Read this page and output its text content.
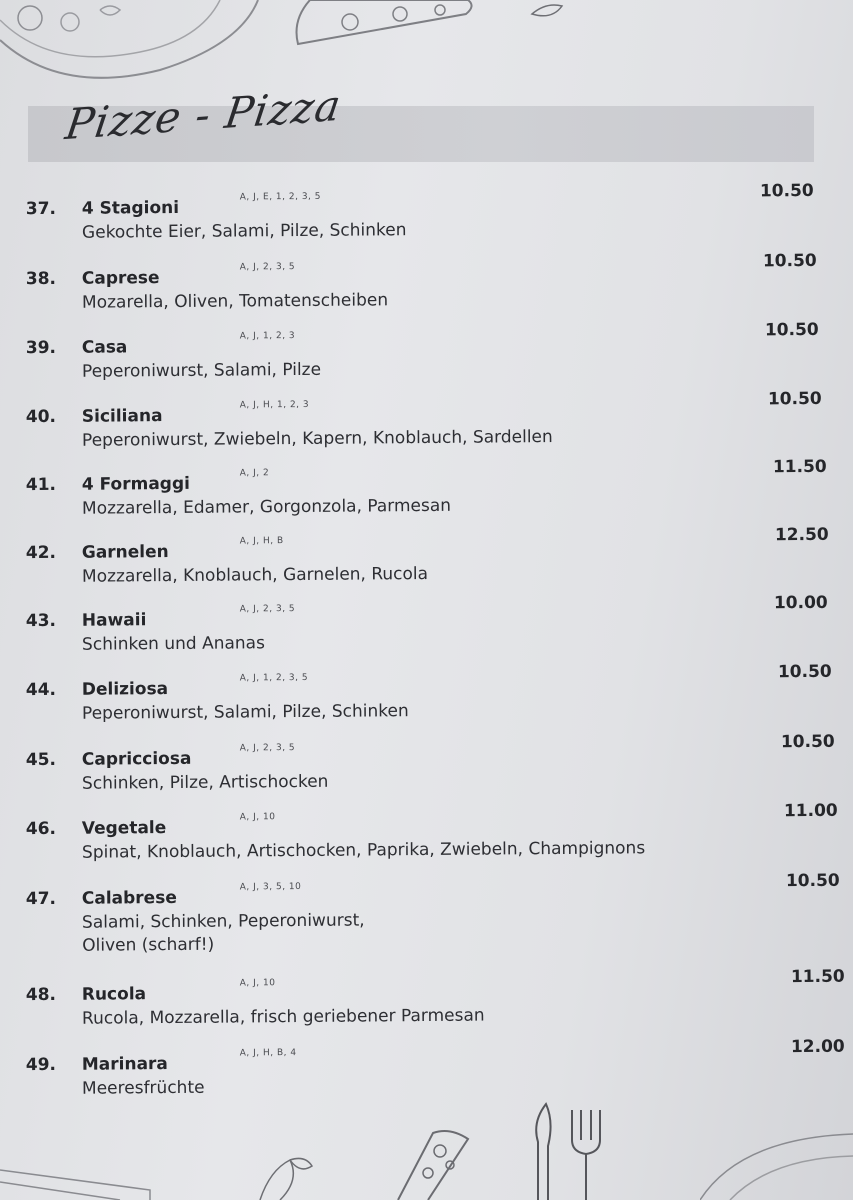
Pizze - Pizza
37. 4 Stagioni
A, J, E, 1, 2, 3, 5
Gekochte Eier, Salami, Pilze, Schinken
10.50
38. Caprese
A, J, 2, 3, 5
Mozarella, Oliven, Tomatenscheiben
10.50
39. Casa
A, J, 1, 2, 3
Peperoniwurst, Salami, Pilze
10.50
40. Siciliana
A, J, H, 1, 2, 3
Peperoniwurst, Zwiebeln, Kapern, Knoblauch, Sardellen
10.50
41. 4 Formaggi
A, J, 2
Mozzarella, Edamer, Gorgonzola, Parmesan
11.50
42. Garnelen
A, J, H, B
Mozzarella, Knoblauch, Garnelen, Rucola
12.50
43. Hawaii
A, J, 2, 3, 5
Schinken und Ananas
10.00
44. Deliziosa
A, J, 1, 2, 3, 5
Peperoniwurst, Salami, Pilze, Schinken
10.50
45. Capricciosa
A, J, 2, 3, 5
Schinken, Pilze, Artischocken
10.50
46. Vegetale
A, J, 10
Spinat, Knoblauch, Artischocken, Paprika, Zwiebeln, Champignons
11.00
47. Calabrese
A, J, 3, 5, 10
Salami, Schinken, Peperoniwurst,
Oliven (scharf!)
10.50
48. Rucola
A, J, 10
Rucola, Mozzarella, frisch geriebener Parmesan
11.50
49. Marinara
A, J, H, B, 4
Meeresfrüchte
12.00
